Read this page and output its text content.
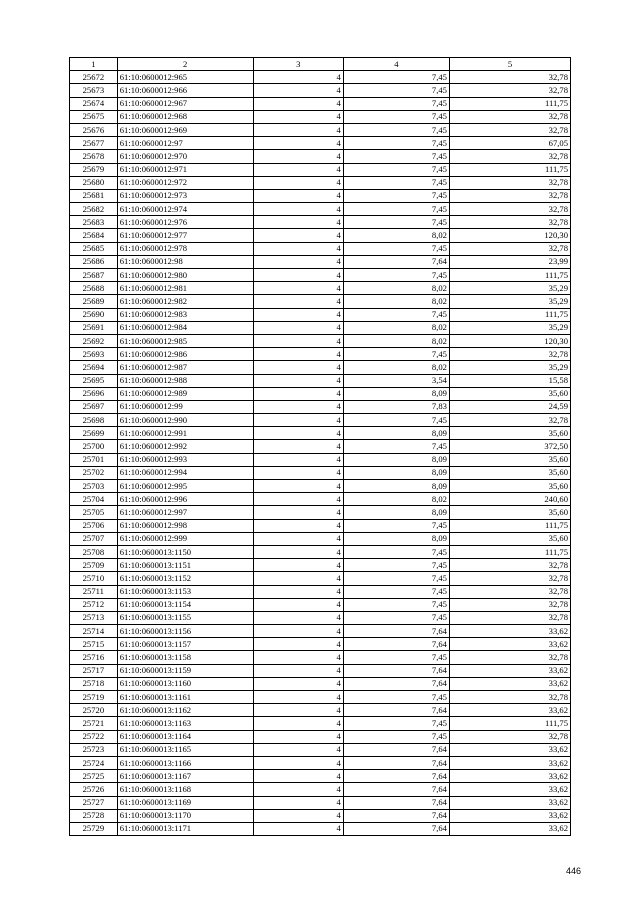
1	2	3	4	5
25672	61:10:0600012:965	4	7,45	32,78
25673	61:10:0600012:966	4	7,45	32,78
25674	61:10:0600012:967	4	7,45	111,75
25675	61:10:0600012:968	4	7,45	32,78
25676	61:10:0600012:969	4	7,45	32,78
25677	61:10:0600012:97	4	7,45	67,05
25678	61:10:0600012:970	4	7,45	32,78
25679	61:10:0600012:971	4	7,45	111,75
25680	61:10:0600012:972	4	7,45	32,78
25681	61:10:0600012:973	4	7,45	32,78
25682	61:10:0600012:974	4	7,45	32,78
25683	61:10:0600012:976	4	7,45	32,78
25684	61:10:0600012:977	4	8,02	120,30
25685	61:10:0600012:978	4	7,45	32,78
25686	61:10:0600012:98	4	7,64	23,99
25687	61:10:0600012:980	4	7,45	111,75
25688	61:10:0600012:981	4	8,02	35,29
25689	61:10:0600012:982	4	8,02	35,29
25690	61:10:0600012:983	4	7,45	111,75
25691	61:10:0600012:984	4	8,02	35,29
25692	61:10:0600012:985	4	8,02	120,30
25693	61:10:0600012:986	4	7,45	32,78
25694	61:10:0600012:987	4	8,02	35,29
25695	61:10:0600012:988	4	3,54	15,58
25696	61:10:0600012:989	4	8,09	35,60
25697	61:10:0600012:99	4	7,83	24,59
25698	61:10:0600012:990	4	7,45	32,78
25699	61:10:0600012:991	4	8,09	35,60
25700	61:10:0600012:992	4	7,45	372,50
25701	61:10:0600012:993	4	8,09	35,60
25702	61:10:0600012:994	4	8,09	35,60
25703	61:10:0600012:995	4	8,09	35,60
25704	61:10:0600012:996	4	8,02	240,60
25705	61:10:0600012:997	4	8,09	35,60
25706	61:10:0600012:998	4	7,45	111,75
25707	61:10:0600012:999	4	8,09	35,60
25708	61:10:0600013:1150	4	7,45	111,75
25709	61:10:0600013:1151	4	7,45	32,78
25710	61:10:0600013:1152	4	7,45	32,78
25711	61:10:0600013:1153	4	7,45	32,78
25712	61:10:0600013:1154	4	7,45	32,78
25713	61:10:0600013:1155	4	7,45	32,78
25714	61:10:0600013:1156	4	7,64	33,62
25715	61:10:0600013:1157	4	7,64	33,62
25716	61:10:0600013:1158	4	7,45	32,78
25717	61:10:0600013:1159	4	7,64	33,62
25718	61:10:0600013:1160	4	7,64	33,62
25719	61:10:0600013:1161	4	7,45	32,78
25720	61:10:0600013:1162	4	7,64	33,62
25721	61:10:0600013:1163	4	7,45	111,75
25722	61:10:0600013:1164	4	7,45	32,78
25723	61:10:0600013:1165	4	7,64	33,62
25724	61:10:0600013:1166	4	7,64	33,62
25725	61:10:0600013:1167	4	7,64	33,62
25726	61:10:0600013:1168	4	7,64	33,62
25727	61:10:0600013:1169	4	7,64	33,62
25728	61:10:0600013:1170	4	7,64	33,62
25729	61:10:0600013:1171	4	7,64	33,62
446
